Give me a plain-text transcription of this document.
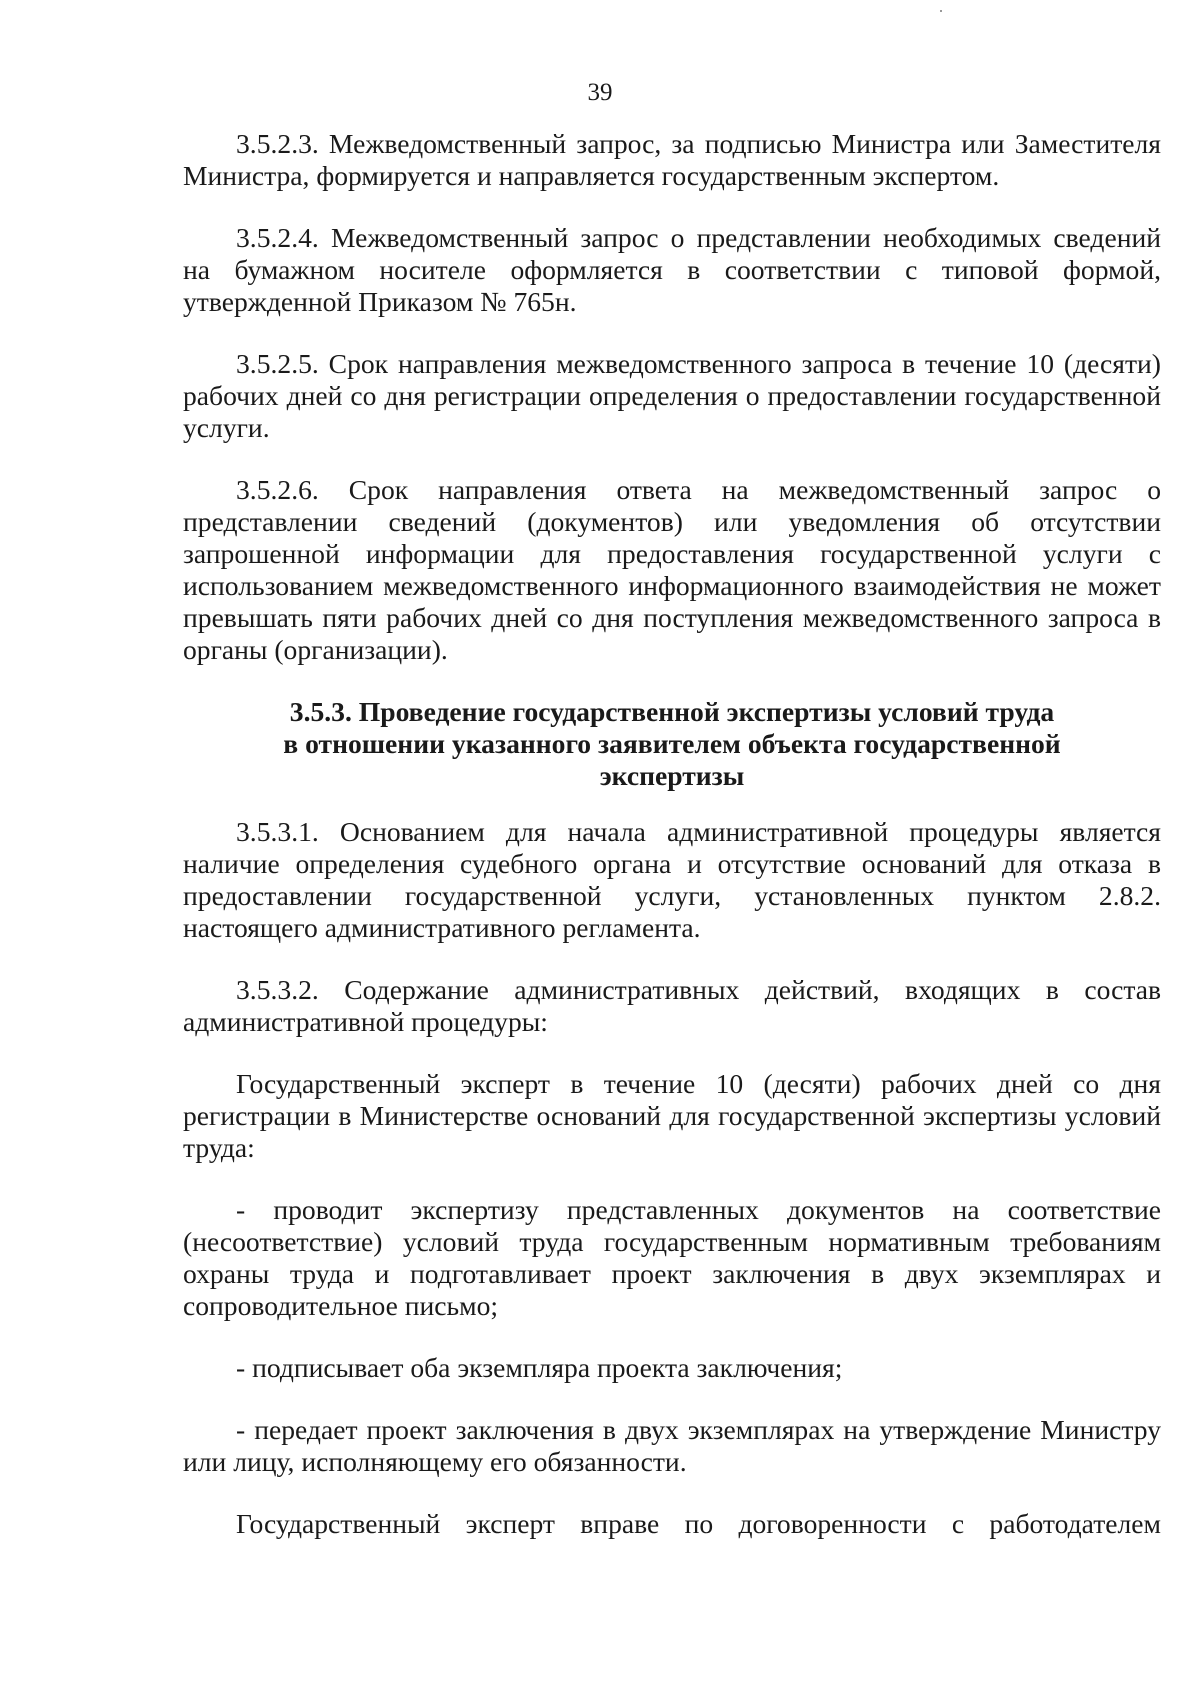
39

3.5.2.3. Межведомственный запрос, за подписью Министра или Заместителя Министра, формируется и направляется государственным экспертом.

3.5.2.4. Межведомственный запрос о представлении необходимых сведений на бумажном носителе оформляется в соответствии с типовой формой, утвержденной Приказом № 765н.

3.5.2.5. Срок направления межведомственного запроса в течение 10 (десяти) рабочих дней со дня регистрации определения о предоставлении государственной услуги.

3.5.2.6. Срок направления ответа на межведомственный запрос о представлении сведений (документов) или уведомления об отсутствии запрошенной информации для предоставления государственной услуги с использованием межведомственного информационного взаимодействия не может превышать пяти рабочих дней со дня поступления межведомственного запроса в органы (организации).

3.5.3. Проведение государственной экспертизы условий труда
в отношении указанного заявителем объекта государственной
экспертизы

3.5.3.1. Основанием для начала административной процедуры является наличие определения судебного органа и отсутствие оснований для отказа в предоставлении государственной услуги, установленных пунктом 2.8.2. настоящего административного регламента.

3.5.3.2. Содержание административных действий, входящих в состав административной процедуры:

Государственный эксперт в течение 10 (десяти) рабочих дней со дня регистрации в Министерстве оснований для государственной экспертизы условий труда:

- проводит экспертизу представленных документов на соответствие (несоответствие) условий труда государственным нормативным требованиям охраны труда и подготавливает проект заключения в двух экземплярах и сопроводительное письмо;

- подписывает оба экземпляра проекта заключения;

- передает проект заключения в двух экземплярах на утверждение Министру или лицу, исполняющему его обязанности.

Государственный эксперт вправе по договоренности с работодателем
